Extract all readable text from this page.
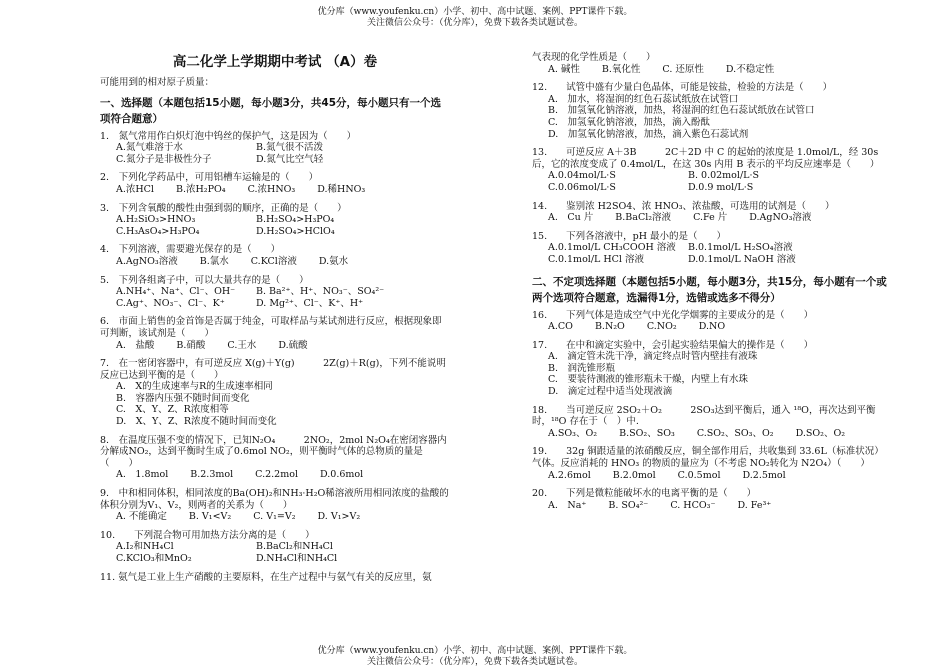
优分库（www.youfenku.cn）小学、初中、高中试题、案例、PPT课件下载。
关注微信公众号：（优分库），免费下载各类试题试卷。
高二化学上学期期中考试 （A）卷
可能用到的相对原子质量：
一、选择题（本题包括15小题，每小题3分，共45分，每小题只有一个选项符合题意）
1.　氮气常用作白炽灯泡中钨丝的保护气，这是因为（　　）
A.氮气难溶于水	B.氮气很不活泼
C.氮分子是非极性分子	D.氮气比空气轻
2.　下列化学药品中，可用铝槽车运输是的（　　）
A.浓HCl B.浓H₂PO₄ C.浓HNO₃ D.稀HNO₃
3.　下列含氧酸的酸性由强到弱的顺序，正确的是（　　）
A.H₂SiO₃>HNO₃	B.H₂SO₄>H₃PO₄
C.H₃AsO₄>H₃PO₄	D.H₂SO₄>HClO₄
4.　下列溶液，需要避光保存的是（　　）
A.AgNO₃溶液 B.氯水 C.KCl溶液 D.氨水
5.　下列各组离子中，可以大量共存的是（　　）
A.NH₄⁺、Na⁺、Cl⁻、OH⁻	B. Ba²⁺、H⁺、NO₃⁻、SO₄²⁻
C.Ag⁺、NO₃⁻、Cl⁻、K⁺	D. Mg²⁺、Cl⁻、K⁺、H⁺
6.　市面上销售的金首饰是否属于纯金，可取样品与某试剂进行反应，根据现象即可判断，该试剂是（　　）
A.　盐酸 B.硝酸 C.王水 D.硫酸
7.　在一密闭容器中，有可逆反应 X(g)＋Y(g)　　　2Z(g)＋R(g)，下列不能说明反应已达到平衡的是（　　）
A.　X的生成速率与R的生成速率相同
B.　容器内压强不随时间而变化
C.　X、Y、Z、R浓度相等
D.　X、Y、Z、R浓度不随时间而变化
8.　在温度压强不变的情况下，已知N₂O₄　　　2NO₂，2mol N₂O₄在密闭容器内分解成NO₂，达到平衡时生成了0.6mol NO₂，则平衡时气体的总物质的量是（　　）
A.　1.8mol B.2.3mol C.2.2mol D.0.6mol
9.　中和相同体积，相同浓度的Ba(OH)₂和NH₃·H₂O稀溶液所用相同浓度的盐酸的体积分别为V₁、V₂，则两者的关系为（　　）
A. 不能确定 B. V₁<V₂ C. V₁=V₂ D. V₁>V₂
10.　　下列混合物可用加热方法分离的是（　　）
A.I₂和NH₄Cl	B.BaCl₂和NH₄Cl
C.KClO₃和MnO₂	D.NH₄Cl和NH₄Cl
11. 氨气是工业上生产硝酸的主要原料，在生产过程中与氨气有关的反应里，氨
气表现的化学性质是（　　）
A. 碱性 B.氧化性 C. 还原性 D.不稳定性
12.　　试管中盛有少量白色晶体，可能是铵盐，检验的方法是（　　）
A.　加水，将湿润的红色石蕊试纸放在试管口
B.　加氢氧化钠溶液，加热，将湿润的红色石蕊试纸放在试管口
C.　加氢氧化钠溶液，加热，滴入酚酞
D.　加氢氧化钠溶液，加热，滴入紫色石蕊试剂
13.　　可逆反应 A＋3B　　　2C＋2D 中 C 的起始的浓度是 1.0mol/L，经 30s 后，它的浓度变成了 0.4mol/L，在这 30s 内用 B 表示的平均反应速率是（　　）
A.0.04mol/L·S	B. 0.02mol/L·S
C.0.06mol/L·S	D.0.9 mol/L·S
14.　　鉴别浓 H2SO4、浓 HNO₃、浓盐酸，可选用的试剂是（　　）
A.　Cu 片 B.BaCl₂溶液 C.Fe 片 D.AgNO₃溶液
15.　　下列各溶液中，pH 最小的是（　　）
A.0.1mol/L CH₃COOH 溶液	B.0.1mol/L H₂SO₄溶液
C.0.1mol/L HCl 溶液	D.0.1mol/L NaOH 溶液
二、不定项选择题（本题包括5小题，每小题3分，共15分，每小题有一个或两个选项符合题意，选漏得1分，选错或选多不得分）
16.　　下列气体是造成空气中光化学烟雾的主要成分的是（　　）
A.CO B.N₂O C.NO₂ D.NO
17.　　在中和滴定实验中，会引起实验结果偏大的操作是（　　）
A.　滴定管未洗干净，滴定终点时管内壁挂有液珠
B.　润洗锥形瓶
C.　要装待测液的锥形瓶未干燥，内壁上有水珠
D.　滴定过程中适当处现液滴
18.　　当可逆反应 2SO₂＋O₂　　　2SO₃达到平衡后，通入 ¹⁸O，再次达到平衡时，¹⁸O 存在于（　）中.
A.SO₃、O₂ B.SO₂、SO₃ C.SO₂、SO₃、O₂ D.SO₂、O₂
19.　　32g 铜跟适量的浓硝酸反应，铜全部作用后，共收集到 33.6L（标准状况）气体。反应消耗的 HNO₃ 的物质的量应为（不考虑 NO₂转化为 N2O₄）（　　）
A.2.6mol B.2.0mol C.0.5mol D.2.5mol
20.　　下列是微粒能破坏水的电离平衡的是（　　）
A.　Na⁺ B. SO₄²⁻ C. HCO₃⁻ D. Fe³⁺
优分库（www.youfenku.cn）小学、初中、高中试题、案例、PPT课件下载。
关注微信公众号：（优分库），免费下载各类试题试卷。
